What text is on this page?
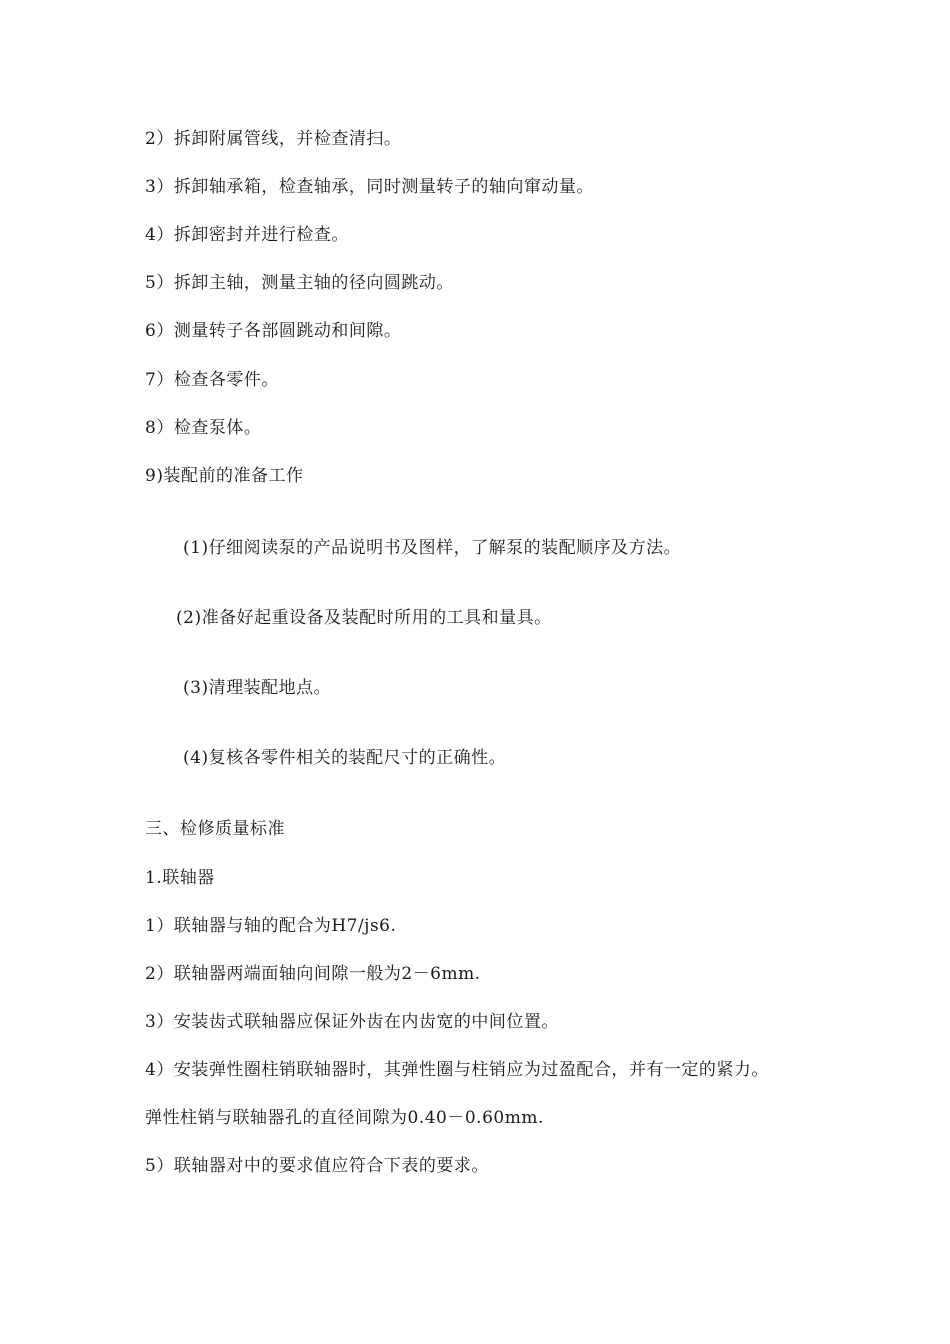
2）拆卸附属管线，并检查清扫。
3）拆卸轴承箱，检查轴承，同时测量转子的轴向窜动量。
4）拆卸密封并进行检查。
5）拆卸主轴，测量主轴的径向圆跳动。
6）测量转子各部圆跳动和间隙。
7）检查各零件。
8）检查泵体。
9)装配前的准备工作
(1)仔细阅读泵的产品说明书及图样，了解泵的装配顺序及方法。
(2)准备好起重设备及装配时所用的工具和量具。
(3)清理装配地点。
(4)复核各零件相关的装配尺寸的正确性。
三、检修质量标准
1.联轴器
1）联轴器与轴的配合为H7/js6.
2）联轴器两端面轴向间隙一般为2－6mm.
3）安装齿式联轴器应保证外齿在内齿宽的中间位置。
4）安装弹性圈柱销联轴器时，其弹性圈与柱销应为过盈配合，并有一定的紧力。
弹性柱销与联轴器孔的直径间隙为0.40－0.60mm.
5）联轴器对中的要求值应符合下表的要求。
